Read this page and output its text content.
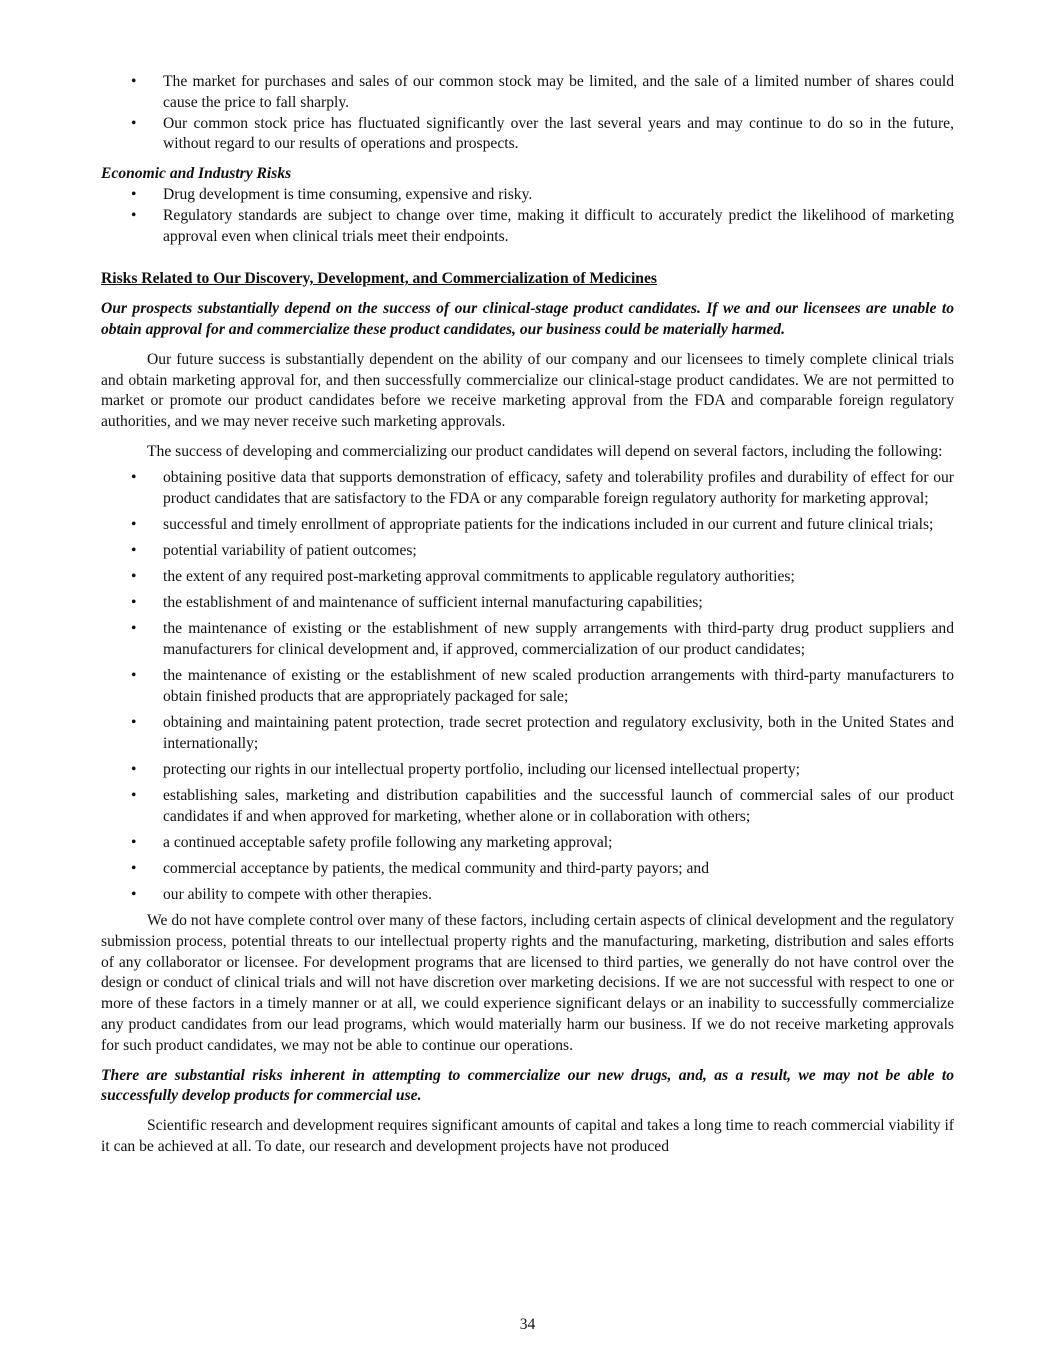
• The market for purchases and sales of our common stock may be limited, and the sale of a limited number of shares could cause the price to fall sharply.
• Our common stock price has fluctuated significantly over the last several years and may continue to do so in the future, without regard to our results of operations and prospects.
Economic and Industry Risks
• Drug development is time consuming, expensive and risky.
• Regulatory standards are subject to change over time, making it difficult to accurately predict the likelihood of marketing approval even when clinical trials meet their endpoints.
Risks Related to Our Discovery, Development, and Commercialization of Medicines
Our prospects substantially depend on the success of our clinical-stage product candidates. If we and our licensees are unable to obtain approval for and commercialize these product candidates, our business could be materially harmed.

Our future success is substantially dependent on the ability of our company and our licensees to timely complete clinical trials and obtain marketing approval for, and then successfully commercialize our clinical-stage product candidates. We are not permitted to market or promote our product candidates before we receive marketing approval from the FDA and comparable foreign regulatory authorities, and we may never receive such marketing approvals.

The success of developing and commercializing our product candidates will depend on several factors, including the following:

• obtaining positive data that supports demonstration of efficacy, safety and tolerability profiles and durability of effect for our product candidates that are satisfactory to the FDA or any comparable foreign regulatory authority for marketing approval;
• successful and timely enrollment of appropriate patients for the indications included in our current and future clinical trials;
• potential variability of patient outcomes;
• the extent of any required post-marketing approval commitments to applicable regulatory authorities;
• the establishment of and maintenance of sufficient internal manufacturing capabilities;
• the maintenance of existing or the establishment of new supply arrangements with third-party drug product suppliers and manufacturers for clinical development and, if approved, commercialization of our product candidates;
• the maintenance of existing or the establishment of new scaled production arrangements with third-party manufacturers to obtain finished products that are appropriately packaged for sale;
• obtaining and maintaining patent protection, trade secret protection and regulatory exclusivity, both in the United States and internationally;
• protecting our rights in our intellectual property portfolio, including our licensed intellectual property;
• establishing sales, marketing and distribution capabilities and the successful launch of commercial sales of our product candidates if and when approved for marketing, whether alone or in collaboration with others;
• a continued acceptable safety profile following any marketing approval;
• commercial acceptance by patients, the medical community and third-party payors; and
• our ability to compete with other therapies.

We do not have complete control over many of these factors, including certain aspects of clinical development and the regulatory submission process, potential threats to our intellectual property rights and the manufacturing, marketing, distribution and sales efforts of any collaborator or licensee. For development programs that are licensed to third parties, we generally do not have control over the design or conduct of clinical trials and will not have discretion over marketing decisions. If we are not successful with respect to one or more of these factors in a timely manner or at all, we could experience significant delays or an inability to successfully commercialize any product candidates from our lead programs, which would materially harm our business. If we do not receive marketing approvals for such product candidates, we may not be able to continue our operations.

There are substantial risks inherent in attempting to commercialize our new drugs, and, as a result, we may not be able to successfully develop products for commercial use.

Scientific research and development requires significant amounts of capital and takes a long time to reach commercial viability if it can be achieved at all. To date, our research and development projects have not produced

34
